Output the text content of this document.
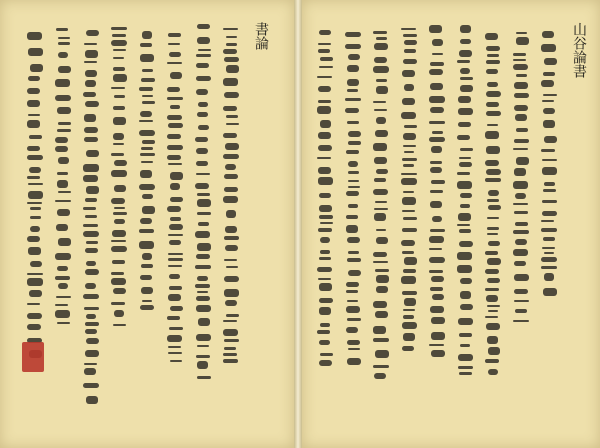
書論	山谷論書
